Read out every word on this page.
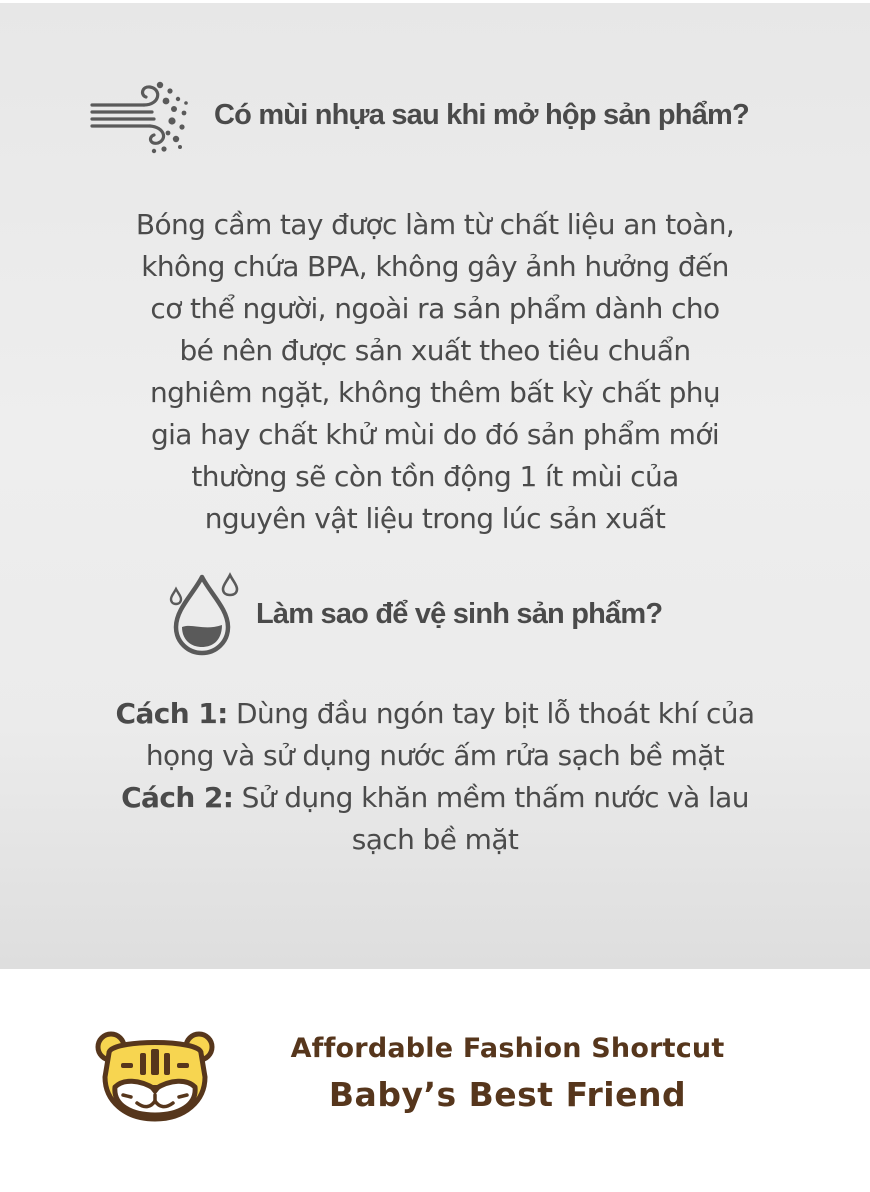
Có mùi nhựa sau khi mở hộp sản phẩm?
Bóng cầm tay được làm từ chất liệu an toàn,
không chứa BPA, không gây ảnh hưởng đến
cơ thể người, ngoài ra sản phẩm dành cho
bé nên được sản xuất theo tiêu chuẩn
nghiêm ngặt, không thêm bất kỳ chất phụ
gia hay chất khử mùi do đó sản phẩm mới
thường sẽ còn tồn động 1 ít mùi của
nguyên vật liệu trong lúc sản xuất
Làm sao để vệ sinh sản phẩm?
Cách 1: Dùng đầu ngón tay bịt lỗ thoát khí của
họng và sử dụng nước ấm rửa sạch bề mặt
Cách 2: Sử dụng khăn mềm thấm nước và lau
sạch bề mặt
Affordable Fashion Shortcut
Baby’s Best Friend
